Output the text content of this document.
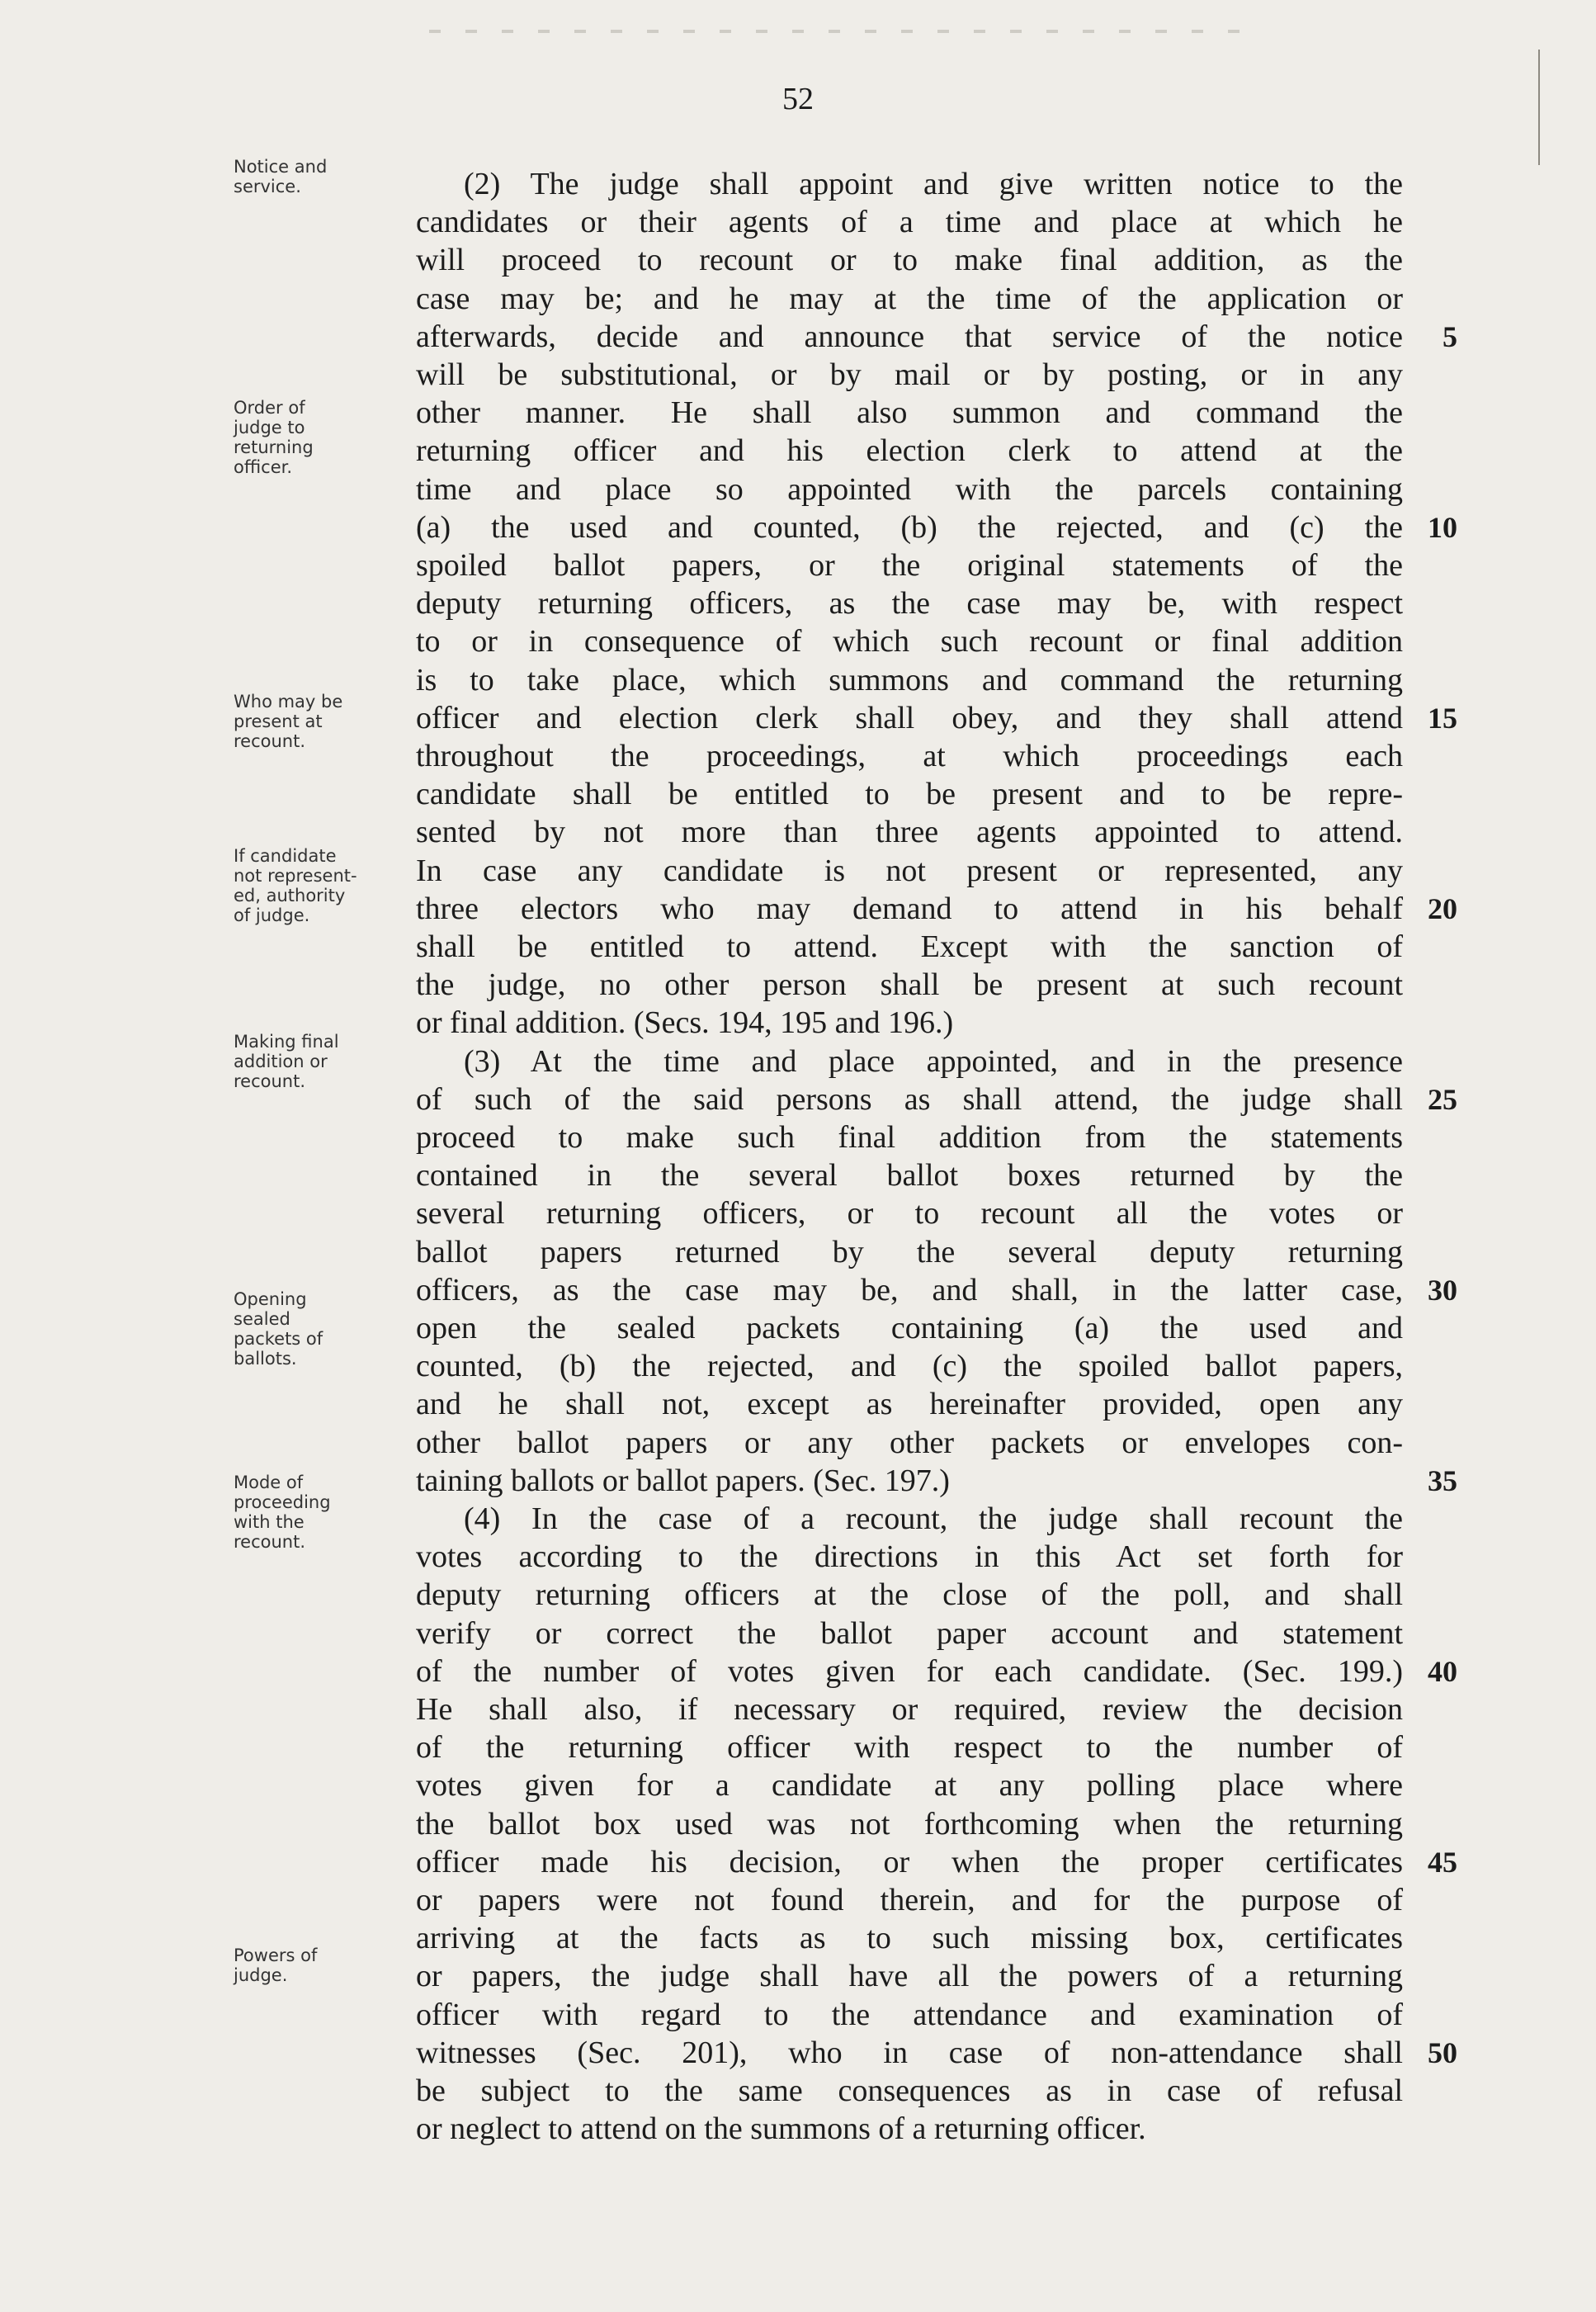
52
Notice and
service.
Order of
judge to
returning
officer.
Who may be
present at
recount.
If candidate
not represent-
ed, authority
of judge.
Making final
addition or
recount.
Opening
sealed
packets of
ballots.
Mode of
proceeding
with the
recount.
Powers of
judge.
(2) The judge shall appoint and give written notice to the
candidates or their agents of a time and place at which he
will proceed to recount or to make final addition, as the
case may be; and he may at the time of the application or
afterwards, decide and announce that service of the notice
will be substitutional, or by mail or by posting, or in any
other manner. He shall also summon and command the
returning officer and his election clerk to attend at the
time and place so appointed with the parcels containing
(a) the used and counted, (b) the rejected, and (c) the
spoiled ballot papers, or the original statements of the
deputy returning officers, as the case may be, with respect
to or in consequence of which such recount or final addition
is to take place, which summons and command the returning
officer and election clerk shall obey, and they shall attend
throughout the proceedings, at which proceedings each
candidate shall be entitled to be present and to be repre-
sented by not more than three agents appointed to attend.
In case any candidate is not present or represented, any
three electors who may demand to attend in his behalf
shall be entitled to attend. Except with the sanction of
the judge, no other person shall be present at such recount
or final addition. (Secs. 194, 195 and 196.)
(3) At the time and place appointed, and in the presence
of such of the said persons as shall attend, the judge shall
proceed to make such final addition from the statements
contained in the several ballot boxes returned by the
several returning officers, or to recount all the votes or
ballot papers returned by the several deputy returning
officers, as the case may be, and shall, in the latter case,
open the sealed packets containing (a) the used and
counted, (b) the rejected, and (c) the spoiled ballot papers,
and he shall not, except as hereinafter provided, open any
other ballot papers or any other packets or envelopes con-
taining ballots or ballot papers. (Sec. 197.)
(4) In the case of a recount, the judge shall recount the
votes according to the directions in this Act set forth for
deputy returning officers at the close of the poll, and shall
verify or correct the ballot paper account and statement
of the number of votes given for each candidate. (Sec. 199.)
He shall also, if necessary or required, review the decision
of the returning officer with respect to the number of
votes given for a candidate at any polling place where
the ballot box used was not forthcoming when the returning
officer made his decision, or when the proper certificates
or papers were not found therein, and for the purpose of
arriving at the facts as to such missing box, certificates
or papers, the judge shall have all the powers of a returning
officer with regard to the attendance and examination of
witnesses (Sec. 201), who in case of non-attendance shall
be subject to the same consequences as in case of refusal
or neglect to attend on the summons of a returning officer.
5
10
15
20
25
30
35
40
45
50
